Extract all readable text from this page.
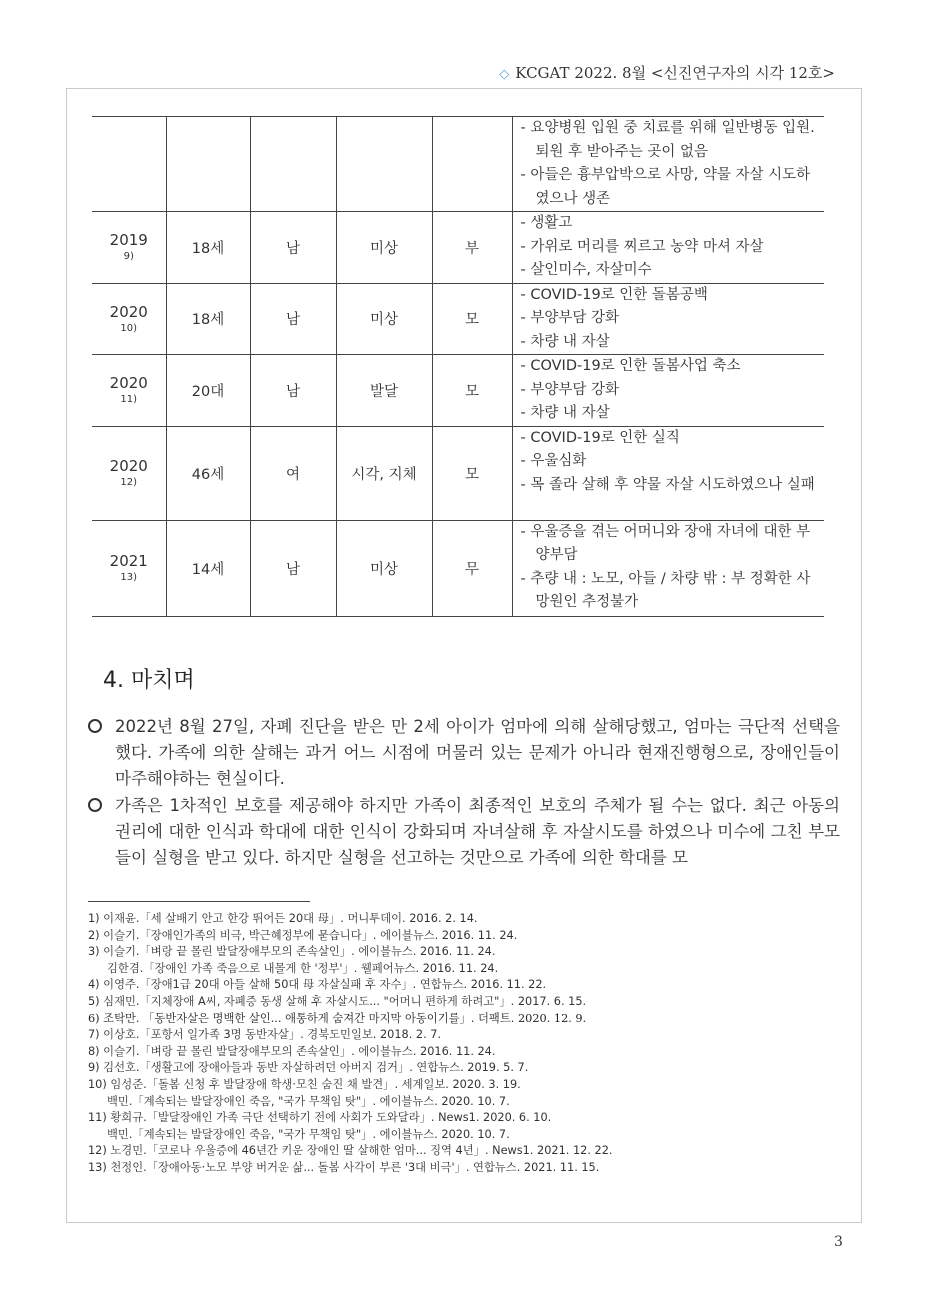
◇ KCGAT 2022. 8월 <신진연구자의 시각 12호>

					- 요양병원 입원 중 치료를 위해 일반병동 입원. 퇴원 후 받아주는 곳이 없음
- 아들은 흉부압박으로 사망, 약물 자살 시도하였으나 생존

2019
9)	18세	남	미상	부	- 생활고
- 가위로 머리를 찌르고 농약 마셔 자살
- 살인미수, 자살미수

2020
10)	18세	남	미상	모	- COVID-19로 인한 돌봄공백
- 부양부담 강화
- 차량 내 자살

2020
11)	20대	남	발달	모	- COVID-19로 인한 돌봄사업 축소
- 부양부담 강화
- 차량 내 자살

2020
12)	46세	여	시각, 지체	모	- COVID-19로 인한 실직
- 우울심화
- 목 졸라 살해 후 약물 자살 시도하였으나 실패

2021
13)	14세	남	미상	무	- 우울증을 겪는 어머니와 장애 자녀에 대한 부양부담
- 추량 내 : 노모, 아들 / 차량 밖 : 부 정확한 사망원인 추정불가
4. 마치며
2022년 8월 27일, 자폐 진단을 받은 만 2세 아이가 엄마에 의해 살해당했고, 엄마는 극단적 선택을 했다. 가족에 의한 살해는 과거 어느 시점에 머물러 있는 문제가 아니라 현재진행형으로, 장애인들이 마주해야하는 현실이다.
가족은 1차적인 보호를 제공해야 하지만 가족이 최종적인 보호의 주체가 될 수는 없다. 최근 아동의 권리에 대한 인식과 학대에 대한 인식이 강화되며 자녀살해 후 자살시도를 하였으나 미수에 그친 부모들이 실형을 받고 있다. 하지만 실형을 선고하는 것만으로 가족에 의한 학대를 모
1) 이재윤.「세 살배기 안고 한강 뛰어든 20대 母」. 머니투데이. 2016. 2. 14.
2) 이슬기.「장애인가족의 비극, 박근혜정부에 묻습니다」. 에이블뉴스. 2016. 11. 24.
3) 이슬기.「벼랑 끝 몰린 발달장애부모의 존속살인」. 에이블뉴스. 2016. 11. 24.
김한겸.「장애인 가족 죽음으로 내몰게 한 '정부'」. 웰페어뉴스. 2016. 11. 24.
4) 이영주.「장애1급 20대 아들 살해 50대 母 자살실패 후 자수」. 연합뉴스. 2016. 11. 22.
5) 심재민.「지체장애 A씨, 자폐증 동생 살해 후 자살시도... "어머니 편하게 하려고"」. 2017. 6. 15.
6) 조탁만. 「동반자살은 명백한 살인... 애통하게 숨져간 마지막 아동이기를」. 더팩트. 2020. 12. 9.
7) 이상호.「포항서 일가족 3명 동반자살」. 경북도민일보. 2018. 2. 7.
8) 이슬기.「벼랑 끝 몰린 발달장애부모의 존속살인」. 에이블뉴스. 2016. 11. 24.
9) 김선호.「생활고에 장애아들과 동반 자살하려던 아버지 검거」. 연합뉴스. 2019. 5. 7.
10) 임성준.「돌봄 신청 후 발달장애 학생·모친 숨진 채 발견」. 세계일보. 2020. 3. 19.
백민.「계속되는 발달장애인 죽음, "국가 무책임 탓"」. 에이블뉴스. 2020. 10. 7.
11) 황희규.「발달장애인 가족 극단 선택하기 전에 사회가 도와달라」. News1. 2020. 6. 10.
백민.「계속되는 발달장애인 죽음, "국가 무책임 탓"」. 에이블뉴스. 2020. 10. 7.
12) 노경민.「코로나 우울증에 46년간 키운 장애인 딸 살해한 엄마... 징역 4년」. News1. 2021. 12. 22.
13) 천정인.「장애아동·노모 부양 버거운 삶... 돌봄 사각이 부른 '3대 비극'」. 연합뉴스. 2021. 11. 15.
3
